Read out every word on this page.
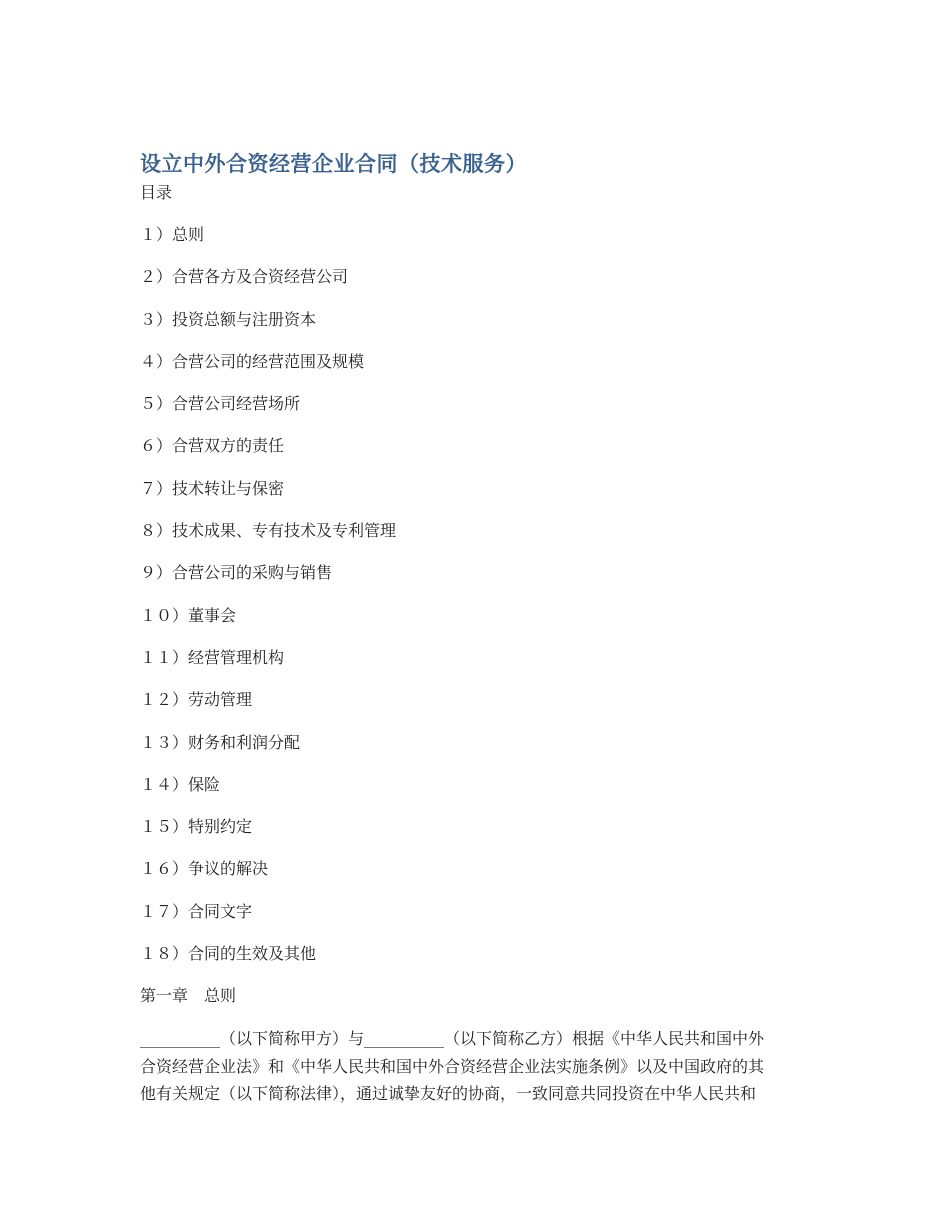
设立中外合资经营企业合同（技术服务）

目录

１）总则
２）合营各方及合资经营公司
３）投资总额与注册资本
４）合营公司的经营范围及规模
５）合营公司经营场所
６）合营双方的责任
７）技术转让与保密
８）技术成果、专有技术及专利管理
９）合营公司的采购与销售
１０）董事会
１１）经营管理机构
１２）劳动管理
１３）财务和利润分配
１４）保险
１５）特别约定
１６）争议的解决
１７）合同文字
１８）合同的生效及其他

第一章　总则

__________（以下简称甲方）与__________（以下简称乙方）根据《中华人民共和国中外
合资经营企业法》和《中华人民共和国中外合资经营企业法实施条例》以及中国政府的其
他有关规定（以下简称法律），通过诚挚友好的协商，一致同意共同投资在中华人民共和
